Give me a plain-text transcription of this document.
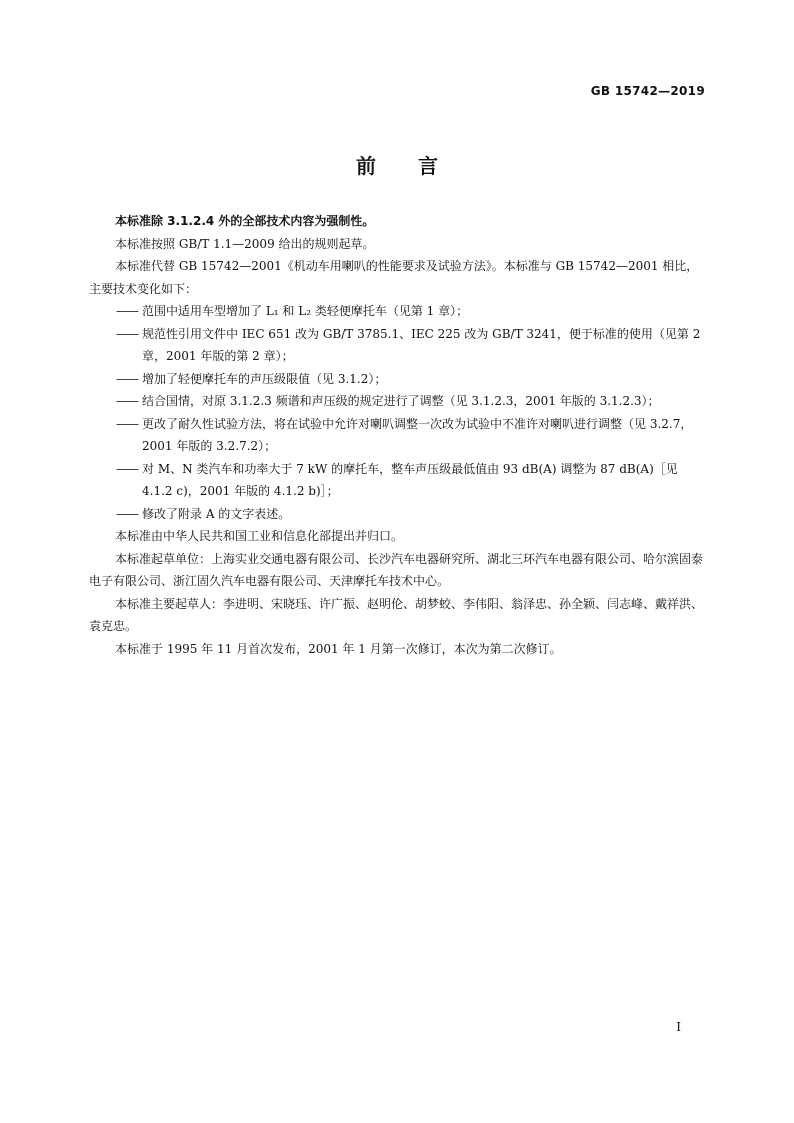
GB 15742—2019
前言

本标准除 3.1.2.4 外的全部技术内容为强制性。

本标准按照 GB/T 1.1—2009 给出的规则起草。

本标准代替 GB 15742—2001《机动车用喇叭的性能要求及试验方法》。本标准与 GB 15742—2001 相比，主要技术变化如下：

—— 范围中适用车型增加了 L₁ 和 L₂ 类轻便摩托车（见第 1 章）；

—— 规范性引用文件中 IEC 651 改为 GB/T 3785.1、IEC 225 改为 GB/T 3241，便于标准的使用（见第 2 章，2001 年版的第 2 章）；

—— 增加了轻便摩托车的声压级限值（见 3.1.2）；

—— 结合国情，对原 3.1.2.3 频谱和声压级的规定进行了调整（见 3.1.2.3，2001 年版的 3.1.2.3）；

—— 更改了耐久性试验方法，将在试验中允许对喇叭调整一次改为试验中不准许对喇叭进行调整（见 3.2.7，2001 年版的 3.2.7.2）；

—— 对 M、N 类汽车和功率大于 7 kW 的摩托车，整车声压级最低值由 93 dB(A) 调整为 87 dB(A)［见 4.1.2 c)，2001 年版的 4.1.2 b)］；

—— 修改了附录 A 的文字表述。

本标准由中华人民共和国工业和信息化部提出并归口。

本标准起草单位：上海实业交通电器有限公司、长沙汽车电器研究所、湖北三环汽车电器有限公司、哈尔滨固泰电子有限公司、浙江固久汽车电器有限公司、天津摩托车技术中心。

本标准主要起草人：李进明、宋晓珏、许广振、赵明伦、胡梦蛟、李伟阳、翁泽忠、孙全颖、闫志峰、戴祥洪、袁克忠。

本标准于 1995 年 11 月首次发布，2001 年 1 月第一次修订，本次为第二次修订。

I
